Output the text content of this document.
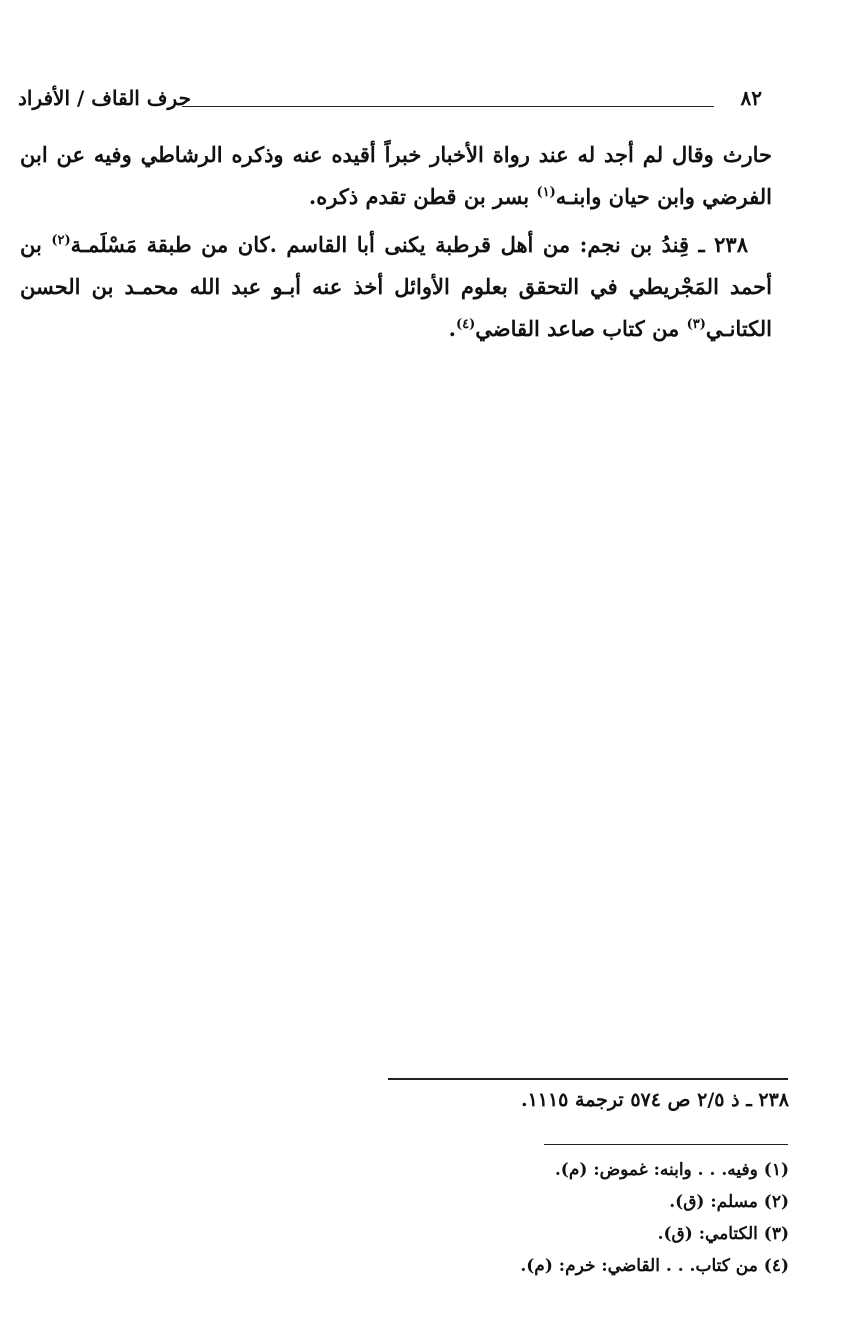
٨٢
حرف القاف / الأفراد

حارث وقال لم أجد له عند رواة الأخبار خبراً أقيده عنه وذكره الرشاطي وفيه عن ابن الفرضي وابن حيان وابنـه$^{(١)}$ بسر بن قطن تقدم ذكره.

٢٣٨ ـ قِندُ بن نجم: من أهل قرطبة يكنى أبا القاسم .كان من طبقة مَسْلَمـة$^{(٢)}$ بن أحمد المَجْريطي في التحقق بعلوم الأوائل أخذ عنه أبـو عبد الله محمـد بن الحسن الكتانـي$^{(٣)}$ من كتاب صاعد القاضي$^{(٤)}$.

٢٣٨ ـ ذ ٢/٥ ص ٥٧٤ ترجمة ١١١٥.
(١) وفيه. . . وابنه: غموض: (م).
(٢) مسلم: (ق).
(٣) الكتامي: (ق).
(٤) من كتاب. . . القاضي: خرم: (م).
